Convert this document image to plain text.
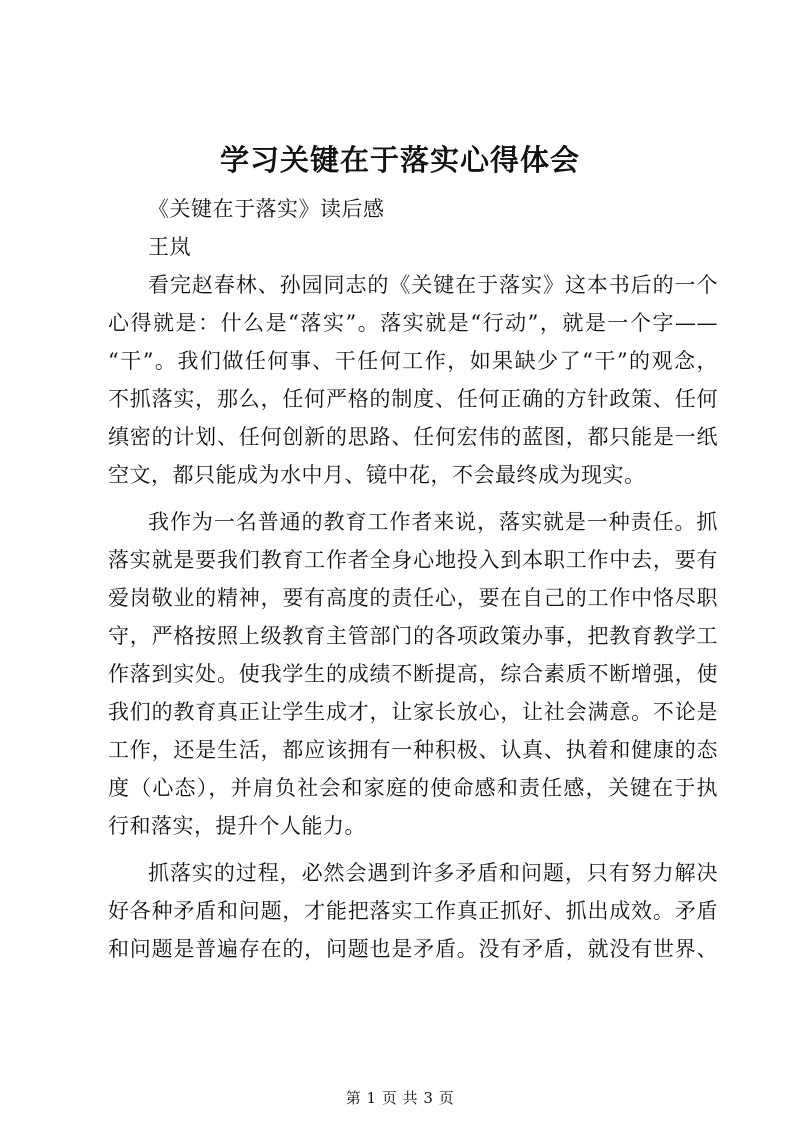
学习关键在于落实心得体会
《关键在于落实》读后感
王岚
看完赵春林、孙园同志的《关键在于落实》这本书后的一个
心得就是：什么是“落实”。落实就是“行动”，就是一个字——
“干”。我们做任何事、干任何工作，如果缺少了“干”的观念，
不抓落实，那么，任何严格的制度、任何正确的方针政策、任何
缜密的计划、任何创新的思路、任何宏伟的蓝图，都只能是一纸
空文，都只能成为水中月、镜中花，不会最终成为现实。
我作为一名普通的教育工作者来说，落实就是一种责任。抓
落实就是要我们教育工作者全身心地投入到本职工作中去，要有
爱岗敬业的精神，要有高度的责任心，要在自己的工作中恪尽职
守，严格按照上级教育主管部门的各项政策办事，把教育教学工
作落到实处。使我学生的成绩不断提高，综合素质不断增强，使
我们的教育真正让学生成才，让家长放心，让社会满意。不论是
工作，还是生活，都应该拥有一种积极、认真、执着和健康的态
度（心态），并肩负社会和家庭的使命感和责任感，关键在于执
行和落实，提升个人能力。
抓落实的过程，必然会遇到许多矛盾和问题，只有努力解决
好各种矛盾和问题，才能把落实工作真正抓好、抓出成效。矛盾
和问题是普遍存在的，问题也是矛盾。没有矛盾，就没有世界、
第 1 页 共 3 页
